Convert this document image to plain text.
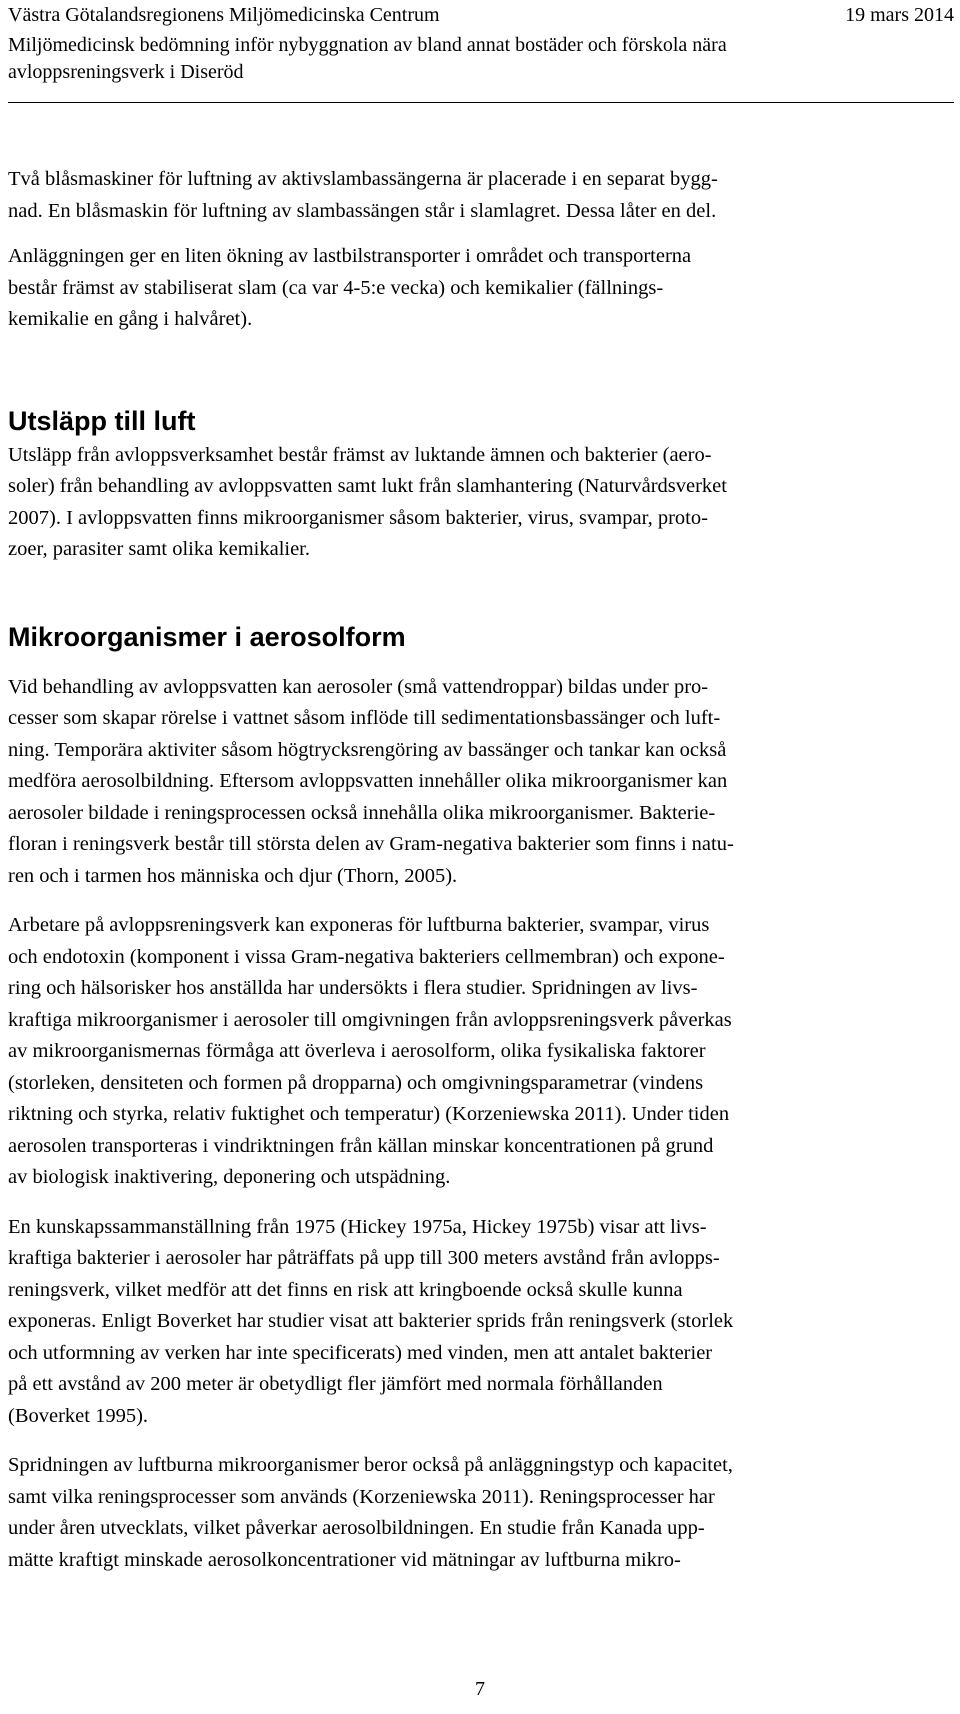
Västra Götalandsregionens Miljömedicinska Centrum	19 mars 2014
Miljömedicinsk bedömning inför nybyggnation av bland annat bostäder och förskola nära
avloppsreningsverk i Diseröd

Två blåsmaskiner för luftning av aktivslambassängerna är placerade i en separat bygg-
nad. En blåsmaskin för luftning av slambassängen står i slamlagret. Dessa låter en del.

Anläggningen ger en liten ökning av lastbilstransporter i området och transporterna
består främst av stabiliserat slam (ca var 4-5:e vecka) och kemikalier (fällnings-
kemikalie en gång i halvåret).

Utsläpp till luft

Utsläpp från avloppsverksamhet består främst av luktande ämnen och bakterier (aero-
soler) från behandling av avloppsvatten samt lukt från slamhantering (Naturvårdsverket
2007). I avloppsvatten finns mikroorganismer såsom bakterier, virus, svampar, proto-
zoer, parasiter samt olika kemikalier.

Mikroorganismer i aerosolform

Vid behandling av avloppsvatten kan aerosoler (små vattendroppar) bildas under pro-
cesser som skapar rörelse i vattnet såsom inflöde till sedimentationsbassänger och luft-
ning. Temporära aktiviter såsom högtrycksrengöring av bassänger och tankar kan också
medföra aerosolbildning. Eftersom avloppsvatten innehåller olika mikroorganismer kan
aerosoler bildade i reningsprocessen också innehålla olika mikroorganismer. Bakterie-
floran i reningsverk består till största delen av Gram-negativa bakterier som finns i natu-
ren och i tarmen hos människa och djur (Thorn, 2005).

Arbetare på avloppsreningsverk kan exponeras för luftburna bakterier, svampar, virus
och endotoxin (komponent i vissa Gram-negativa bakteriers cellmembran) och expone-
ring och hälsorisker hos anställda har undersökts i flera studier. Spridningen av livs-
kraftiga mikroorganismer i aerosoler till omgivningen från avloppsreningsverk påverkas
av mikroorganismernas förmåga att överleva i aerosolform, olika fysikaliska faktorer
(storleken, densiteten och formen på dropparna) och omgivningsparametrar (vindens
riktning och styrka, relativ fuktighet och temperatur) (Korzeniewska 2011). Under tiden
aerosolen transporteras i vindriktningen från källan minskar koncentrationen på grund
av biologisk inaktivering, deponering och utspädning.

En kunskapssammanställning från 1975 (Hickey 1975a, Hickey 1975b) visar att livs-
kraftiga bakterier i aerosoler har påträffats på upp till 300 meters avstånd från avlopps-
reningsverk, vilket medför att det finns en risk att kringboende också skulle kunna
exponeras. Enligt Boverket har studier visat att bakterier sprids från reningsverk (storlek
och utformning av verken har inte specificerats) med vinden, men att antalet bakterier
på ett avstånd av 200 meter är obetydligt fler jämfört med normala förhållanden
(Boverket 1995).

Spridningen av luftburna mikroorganismer beror också på anläggningstyp och kapacitet,
samt vilka reningsprocesser som används (Korzeniewska 2011). Reningsprocesser har
under åren utvecklats, vilket påverkar aerosolbildningen. En studie från Kanada upp-
mätte kraftigt minskade aerosolkoncentrationer vid mätningar av luftburna mikro-

7
